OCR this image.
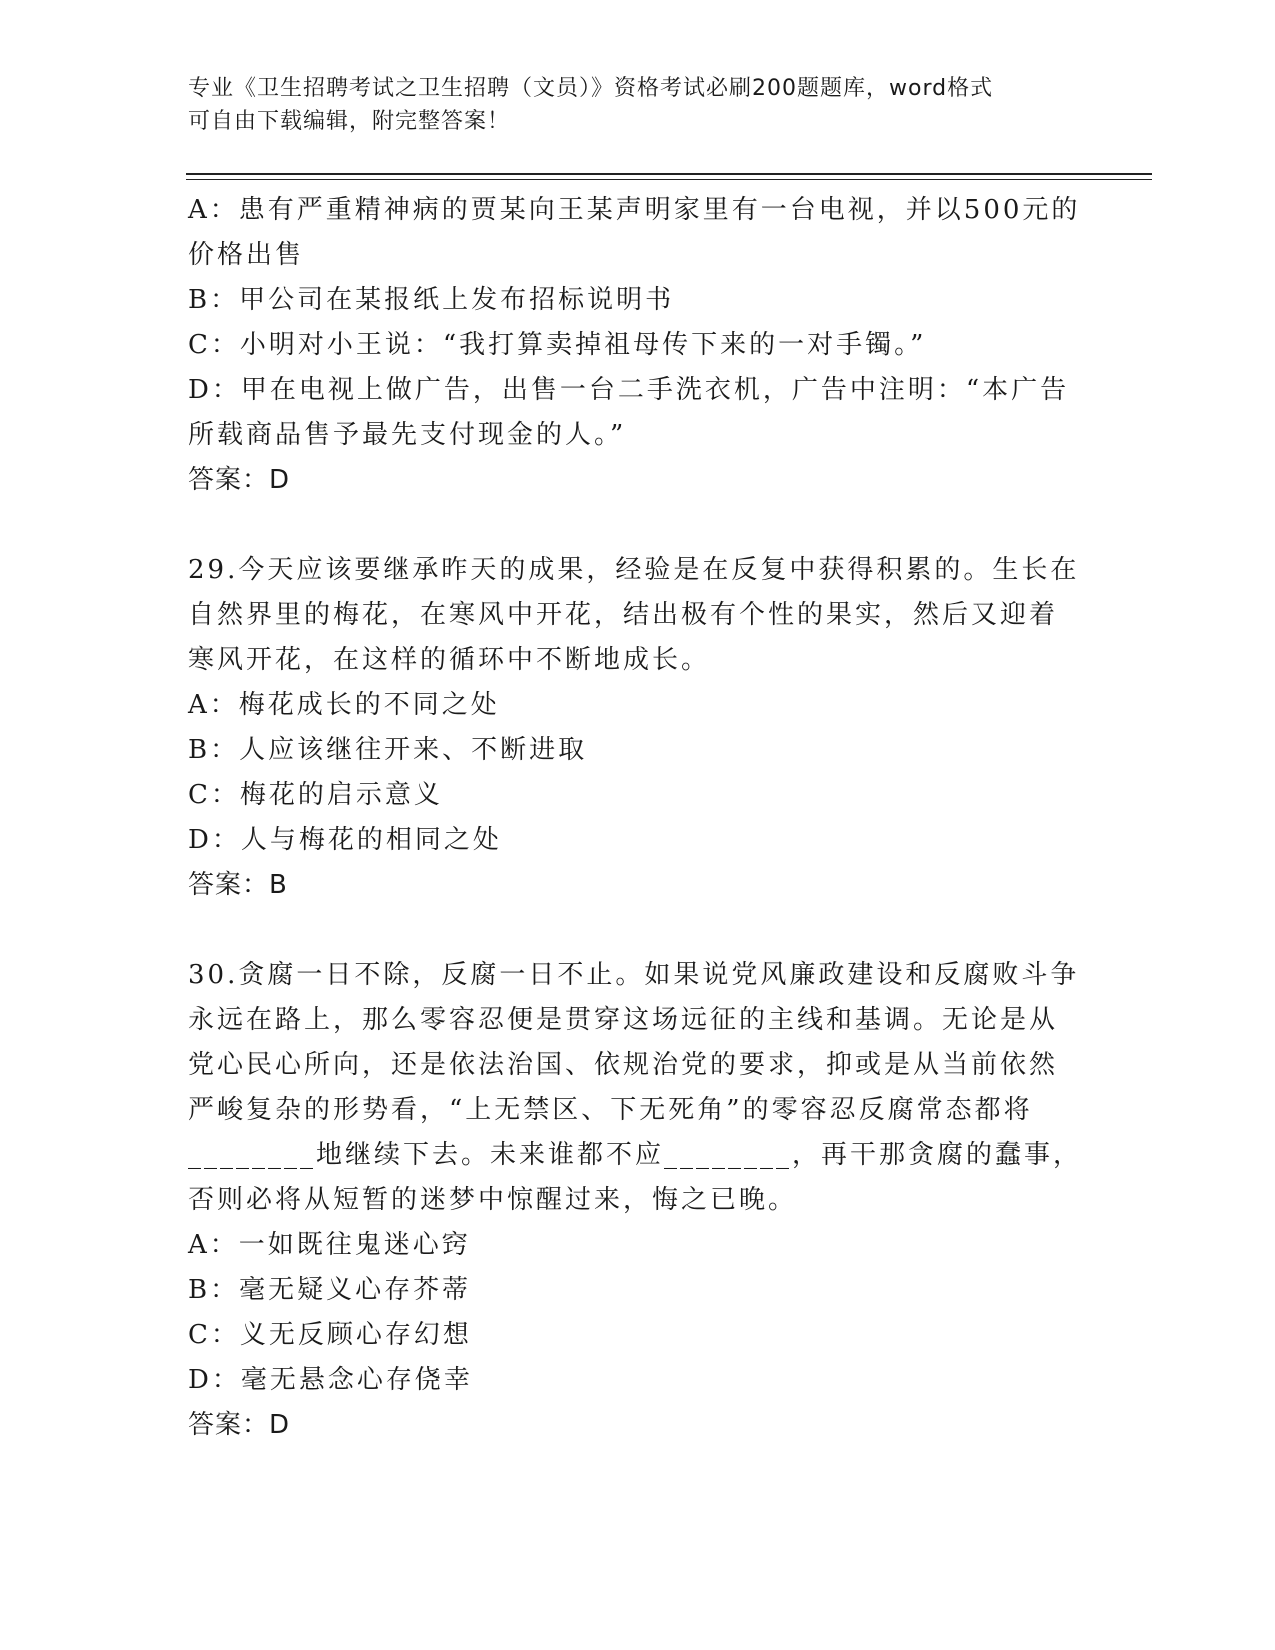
专业《卫生招聘考试之卫生招聘（文员）》资格考试必刷200题题库，word格式
可自由下载编辑，附完整答案！
A：患有严重精神病的贾某向王某声明家里有一台电视，并以500元的
价格出售
B：甲公司在某报纸上发布招标说明书
C：小明对小王说：“我打算卖掉祖母传下来的一对手镯。”
D：甲在电视上做广告，出售一台二手洗衣机，广告中注明：“本广告
所载商品售予最先支付现金的人。”
答案：D
29.今天应该要继承昨天的成果，经验是在反复中获得积累的。生长在
自然界里的梅花，在寒风中开花，结出极有个性的果实，然后又迎着
寒风开花，在这样的循环中不断地成长。
A：梅花成长的不同之处
B：人应该继往开来、不断进取
C：梅花的启示意义
D：人与梅花的相同之处
答案：B
30.贪腐一日不除，反腐一日不止。如果说党风廉政建设和反腐败斗争
永远在路上，那么零容忍便是贯穿这场远征的主线和基调。无论是从
党心民心所向，还是依法治国、依规治党的要求，抑或是从当前依然
严峻复杂的形势看，“上无禁区、下无死角”的零容忍反腐常态都将
________地继续下去。未来谁都不应________，再干那贪腐的蠢事，
否则必将从短暂的迷梦中惊醒过来，悔之已晚。
A：一如既往鬼迷心窍
B：毫无疑义心存芥蒂
C：义无反顾心存幻想
D：毫无悬念心存侥幸
答案：D
